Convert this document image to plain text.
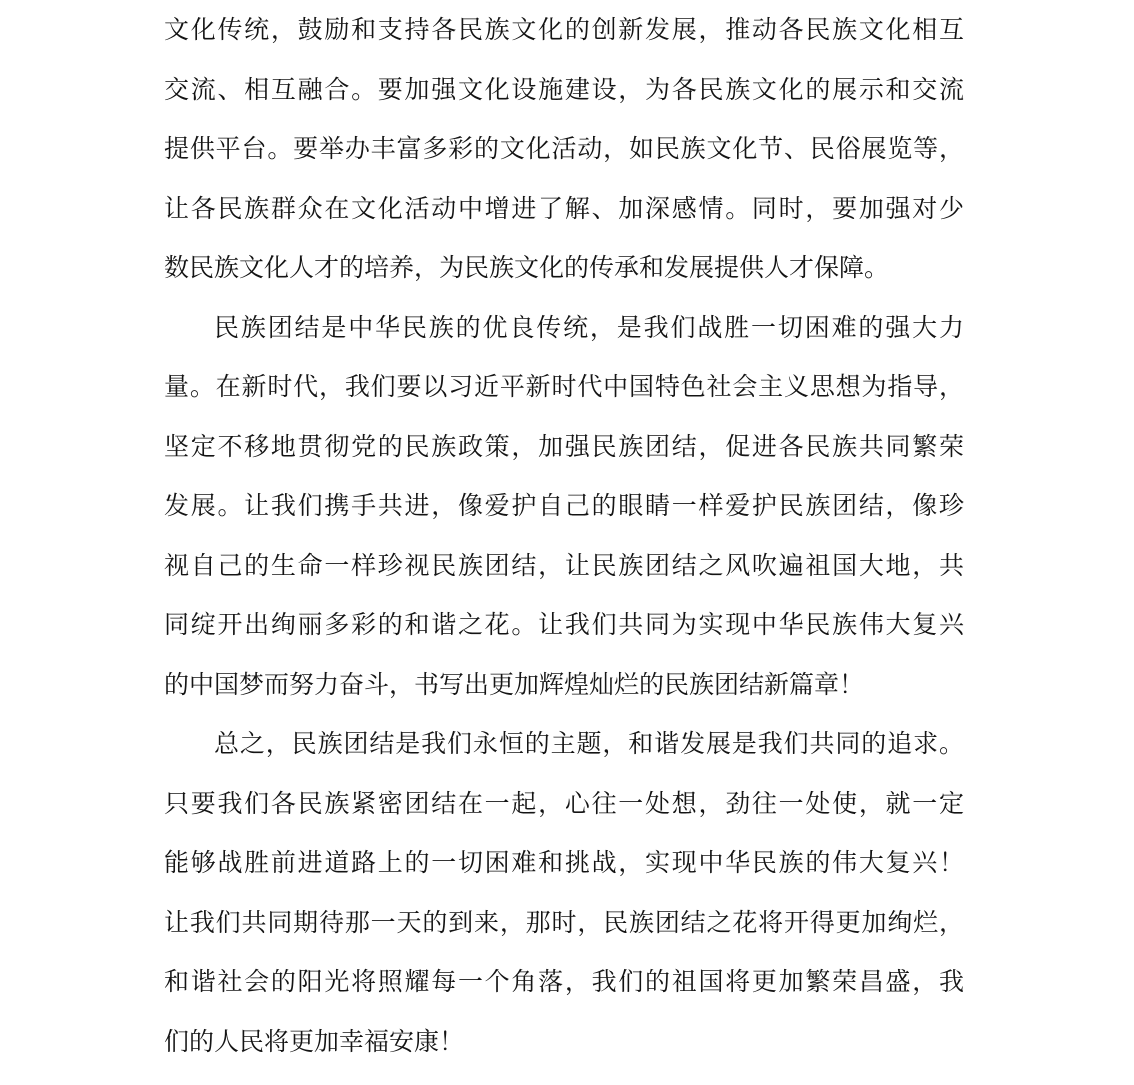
文化传统，鼓励和支持各民族文化的创新发展，推动各民族文化相互
交流、相互融合。要加强文化设施建设，为各民族文化的展示和交流
提供平台。要举办丰富多彩的文化活动，如民族文化节、民俗展览等，
让各民族群众在文化活动中增进了解、加深感情。同时，要加强对少
数民族文化人才的培养，为民族文化的传承和发展提供人才保障。
民族团结是中华民族的优良传统，是我们战胜一切困难的强大力
量。在新时代，我们要以习近平新时代中国特色社会主义思想为指导，
坚定不移地贯彻党的民族政策，加强民族团结，促进各民族共同繁荣
发展。让我们携手共进，像爱护自己的眼睛一样爱护民族团结，像珍
视自己的生命一样珍视民族团结，让民族团结之风吹遍祖国大地，共
同绽开出绚丽多彩的和谐之花。让我们共同为实现中华民族伟大复兴
的中国梦而努力奋斗，书写出更加辉煌灿烂的民族团结新篇章！
总之，民族团结是我们永恒的主题，和谐发展是我们共同的追求。
只要我们各民族紧密团结在一起，心往一处想，劲往一处使，就一定
能够战胜前进道路上的一切困难和挑战，实现中华民族的伟大复兴！
让我们共同期待那一天的到来，那时，民族团结之花将开得更加绚烂，
和谐社会的阳光将照耀每一个角落，我们的祖国将更加繁荣昌盛，我
们的人民将更加幸福安康！
